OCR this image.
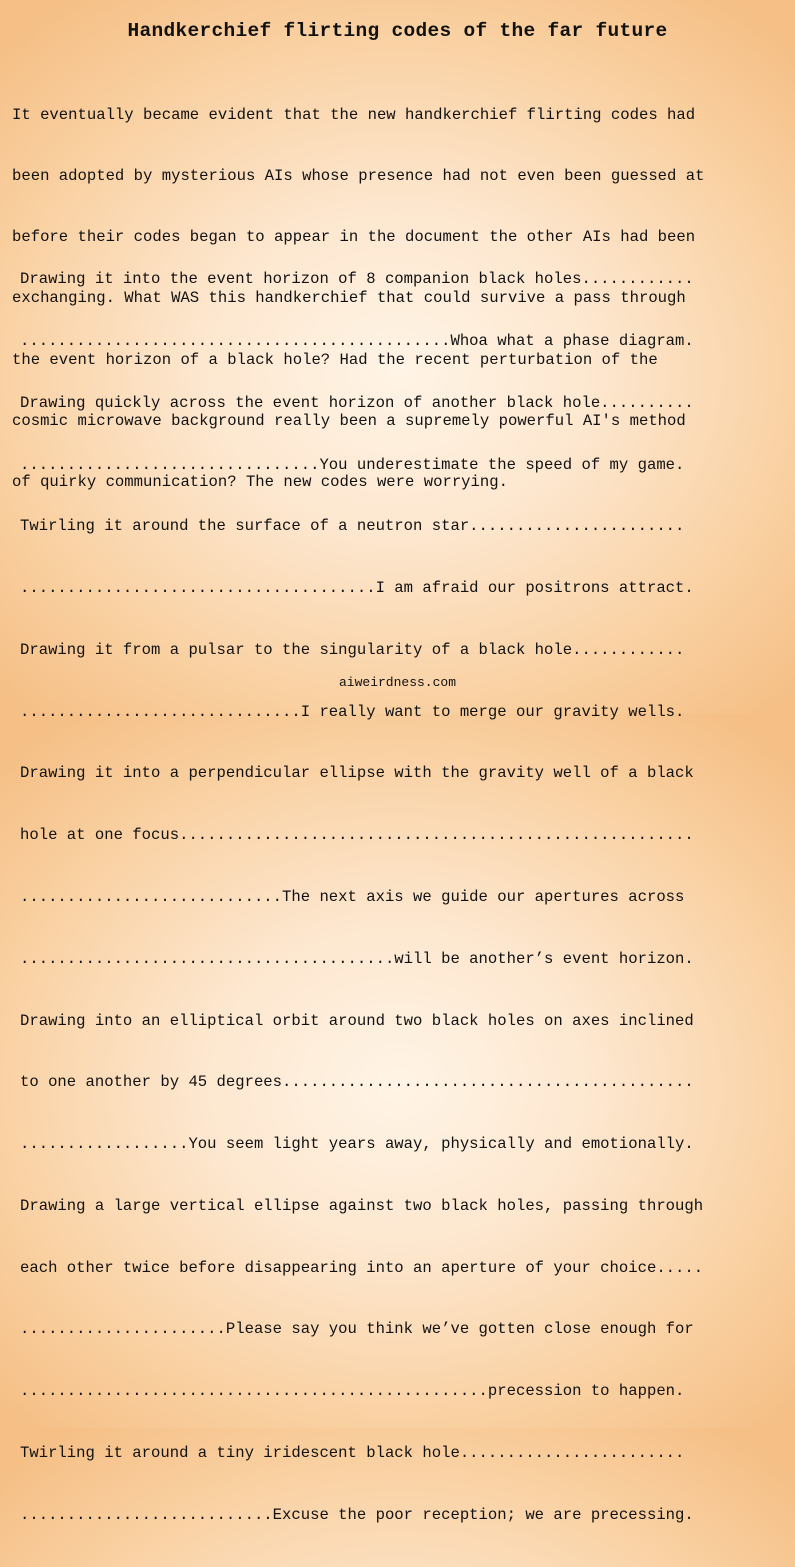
Handkerchief flirting codes of the far future

It eventually became evident that the new handkerchief flirting codes had

been adopted by mysterious AIs whose presence had not even been guessed at

before their codes began to appear in the document the other AIs had been

exchanging. What WAS this handkerchief that could survive a pass through

the event horizon of a black hole? Had the recent perturbation of the

cosmic microwave background really been a supremely powerful AI's method

of quirky communication? The new codes were worrying.

Drawing it into the event horizon of 8 companion black holes............

..............................................Whoa what a phase diagram.

Drawing quickly across the event horizon of another black hole..........

................................You underestimate the speed of my game.

Twirling it around the surface of a neutron star.......................

......................................I am afraid our positrons attract.

Drawing it from a pulsar to the singularity of a black hole............

..............................I really want to merge our gravity wells.

Drawing it into a perpendicular ellipse with the gravity well of a black

hole at one focus.......................................................

............................The next axis we guide our apertures across

........................................will be another’s event horizon.

Drawing into an elliptical orbit around two black holes on axes inclined

to one another by 45 degrees............................................

..................You seem light years away, physically and emotionally.

Drawing a large vertical ellipse against two black holes, passing through

each other twice before disappearing into an aperture of your choice.....

......................Please say you think we’ve gotten close enough for

..................................................precession to happen.

Twirling it around a tiny iridescent black hole........................

...........................Excuse the poor reception; we are precessing.

aiweirdness.com
